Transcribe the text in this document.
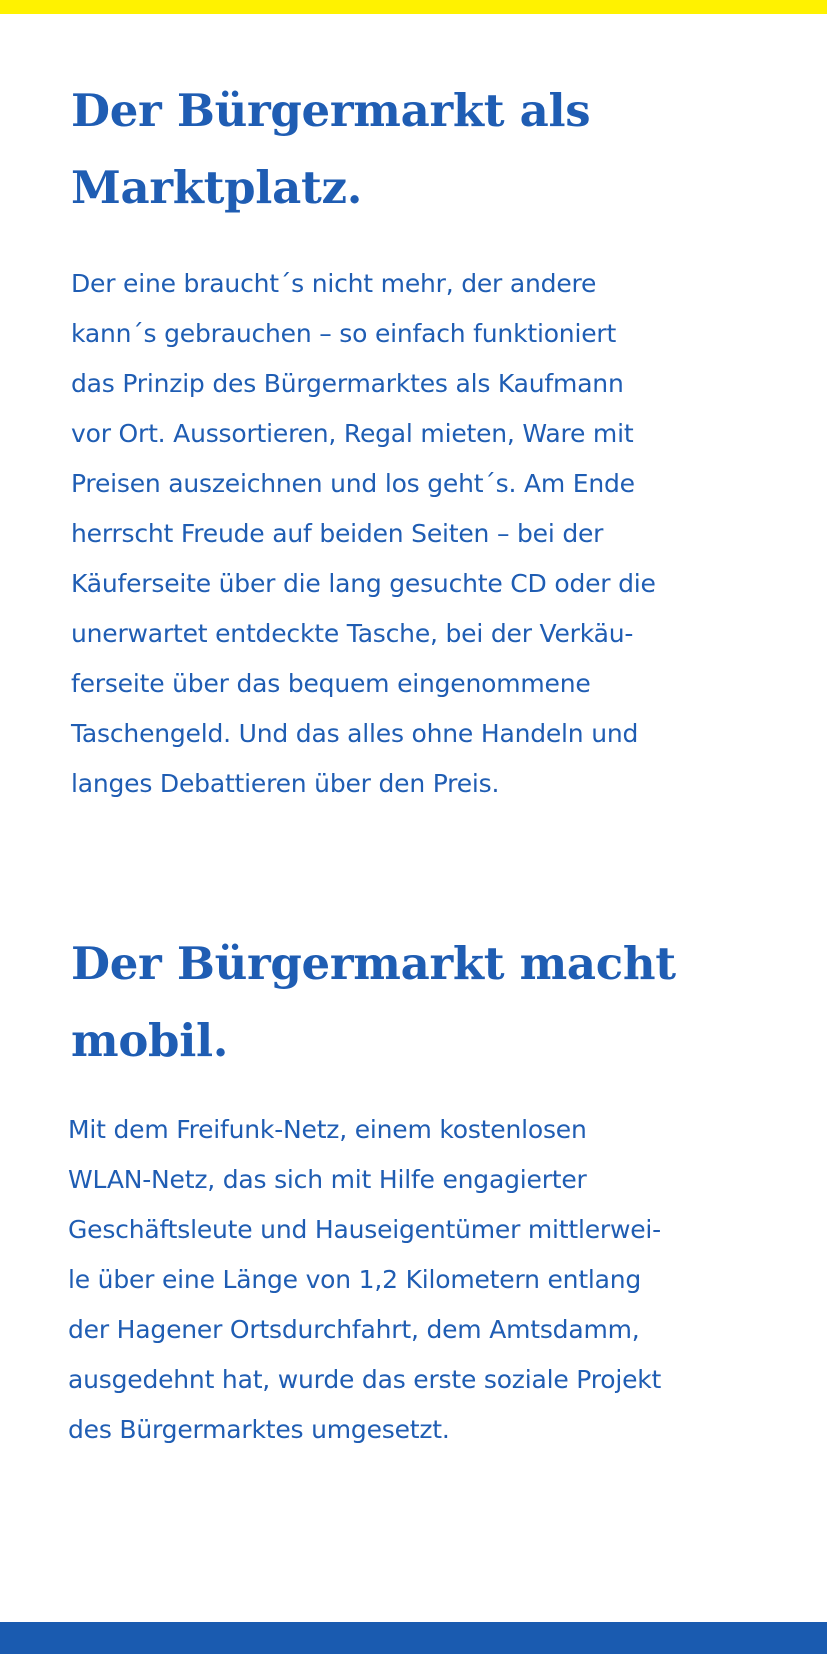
Der Bürgermarkt als
Marktplatz.

Der eine braucht´s nicht mehr, der andere
kann´s gebrauchen – so einfach funktioniert
das Prinzip des Bürgermarktes als Kaufmann
vor Ort. Aussortieren, Regal mieten, Ware mit
Preisen auszeichnen und los geht´s. Am Ende
herrscht Freude auf beiden Seiten – bei der
Käuferseite über die lang gesuchte CD oder die
unerwartet entdeckte Tasche, bei der Verkäu-
ferseite über das bequem eingenommene
Taschengeld. Und das alles ohne Handeln und
langes Debattieren über den Preis.

Der Bürgermarkt macht
mobil.

Mit dem Freifunk-Netz, einem kostenlosen
WLAN-Netz, das sich mit Hilfe engagierter
Geschäftsleute und Hauseigentümer mittlerwei-
le über eine Länge von 1,2 Kilometern entlang
der Hagener Ortsdurchfahrt, dem Amtsdamm,
ausgedehnt hat, wurde das erste soziale Projekt
des Bürgermarktes umgesetzt.
